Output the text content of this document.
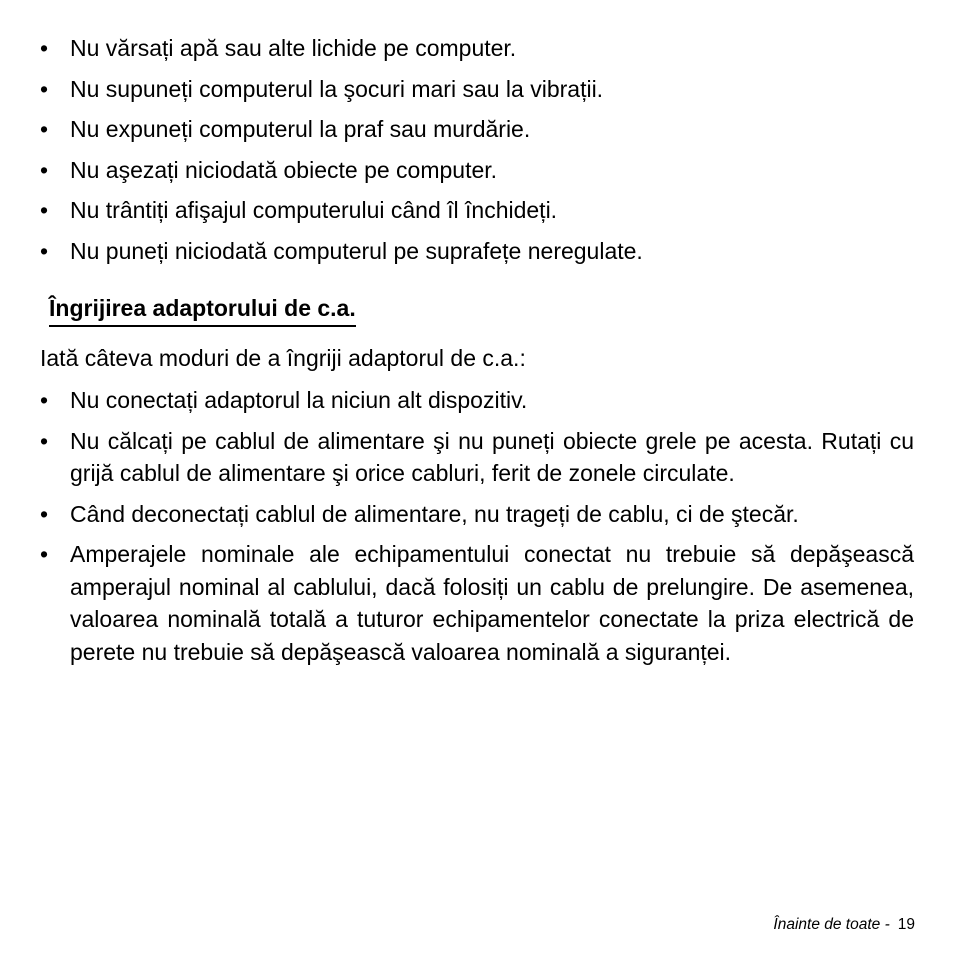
• Nu vărsați apă sau alte lichide pe computer.
• Nu supuneți computerul la şocuri mari sau la vibrații.
• Nu expuneți computerul la praf sau murdărie.
• Nu aşezați niciodată obiecte pe computer.
• Nu trântiți afişajul computerului când îl închideți.
• Nu puneți niciodată computerul pe suprafețe neregulate.
Îngrijirea adaptorului de c.a.
Iată câteva moduri de a îngriji adaptorul de c.a.:
• Nu conectați adaptorul la niciun alt dispozitiv.
• Nu călcați pe cablul de alimentare şi nu puneți obiecte grele pe acesta. Rutați cu grijă cablul de alimentare şi orice cabluri, ferit de zonele circulate.
• Când deconectați cablul de alimentare, nu trageți de cablu, ci de ştecăr.
• Amperajele nominale ale echipamentului conectat nu trebuie să depăşească amperajul nominal al cablului, dacă folosiți un cablu de prelungire. De asemenea, valoarea nominală totală a tuturor echipamentelor conectate la priza electrică de perete nu trebuie să depăşească valoarea nominală a siguranței.
Înainte de toate - 19
